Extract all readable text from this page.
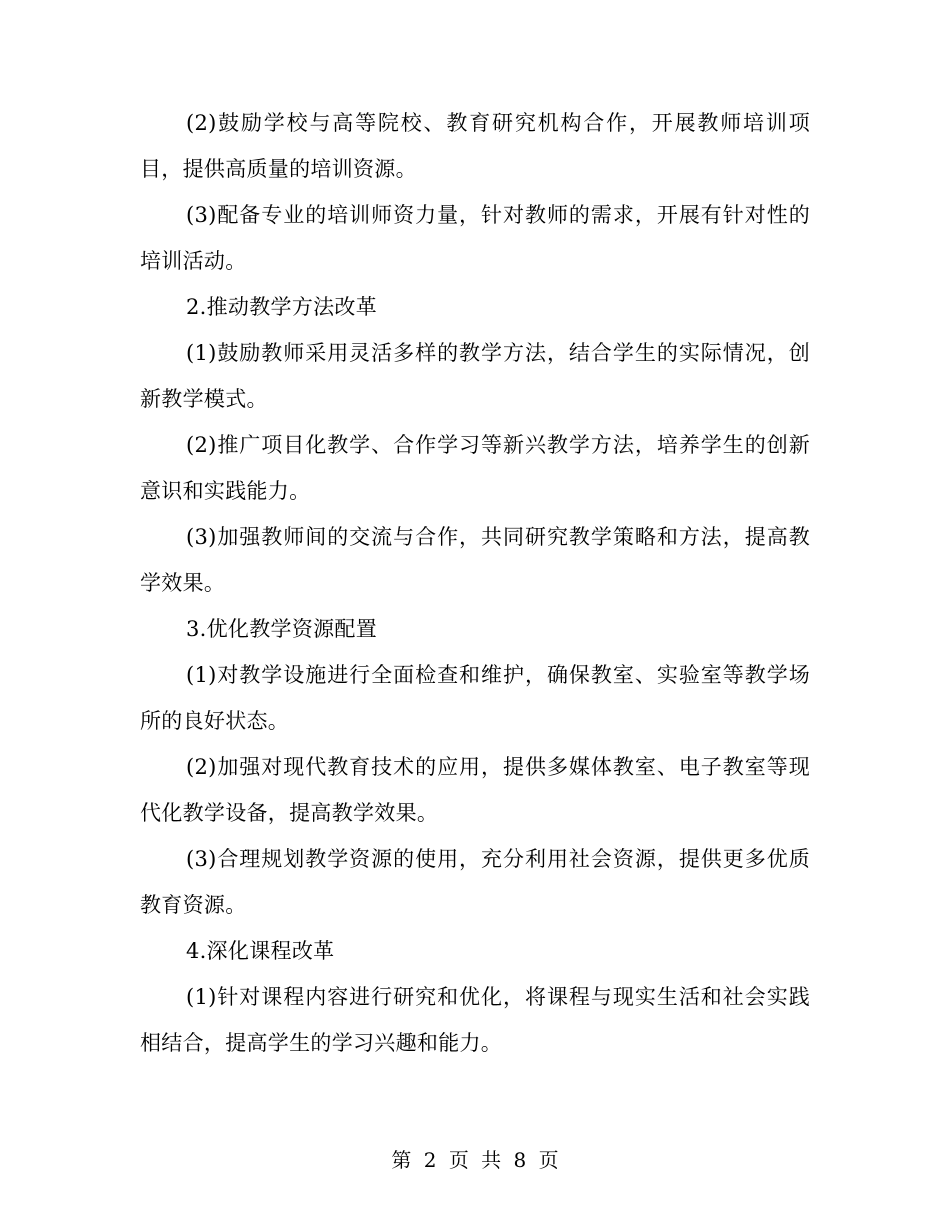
(2)鼓励学校与高等院校、教育研究机构合作，开展教师培训项目，提供高质量的培训资源。

(3)配备专业的培训师资力量，针对教师的需求，开展有针对性的培训活动。

2.推动教学方法改革

(1)鼓励教师采用灵活多样的教学方法，结合学生的实际情况，创新教学模式。

(2)推广项目化教学、合作学习等新兴教学方法，培养学生的创新意识和实践能力。

(3)加强教师间的交流与合作，共同研究教学策略和方法，提高教学效果。

3.优化教学资源配置

(1)对教学设施进行全面检查和维护，确保教室、实验室等教学场所的良好状态。

(2)加强对现代教育技术的应用，提供多媒体教室、电子教室等现代化教学设备，提高教学效果。

(3)合理规划教学资源的使用，充分利用社会资源，提供更多优质教育资源。

4.深化课程改革

(1)针对课程内容进行研究和优化，将课程与现实生活和社会实践相结合，提高学生的学习兴趣和能力。

第 2 页 共 8 页
